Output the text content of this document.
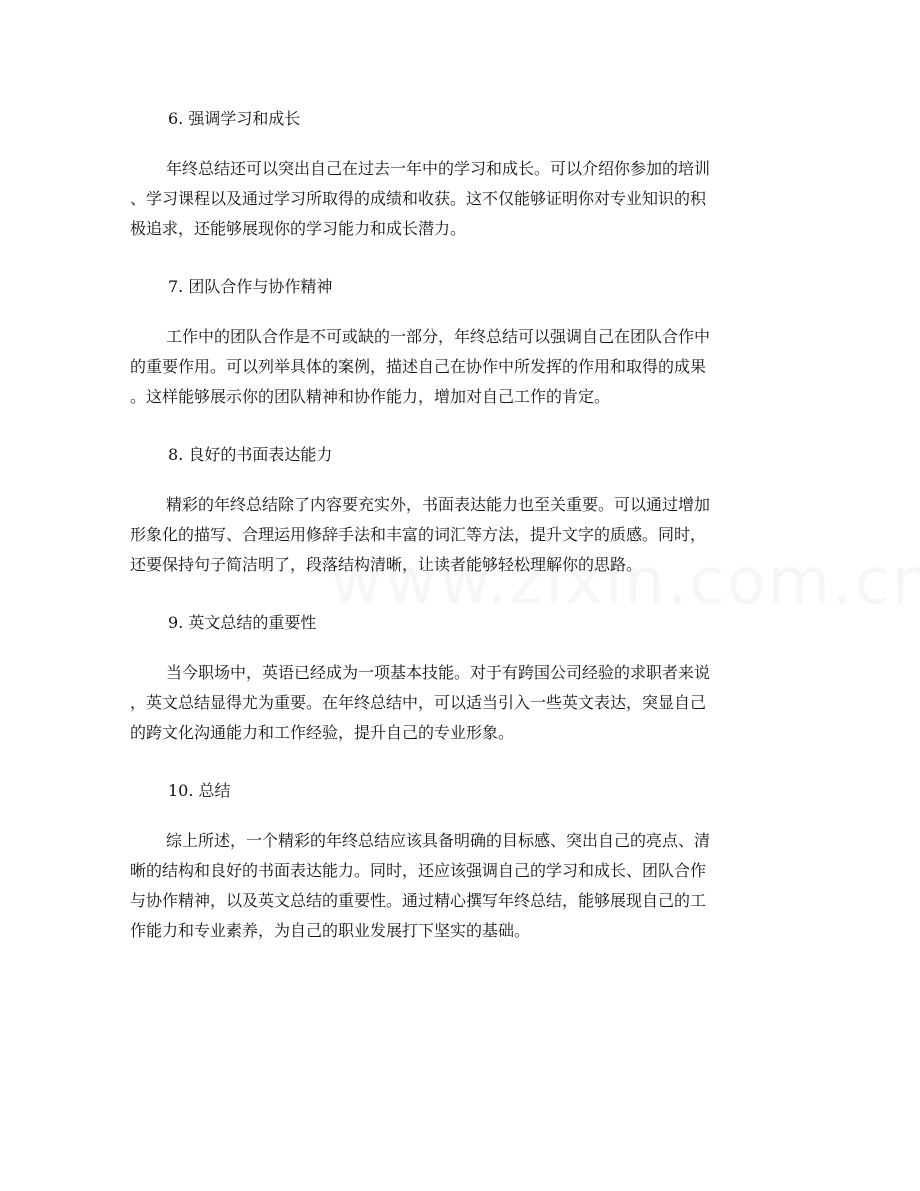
6. 强调学习和成长
年终总结还可以突出自己在过去一年中的学习和成长。可以介绍你参加的培训
、学习课程以及通过学习所取得的成绩和收获。这不仅能够证明你对专业知识的积
极追求，还能够展现你的学习能力和成长潜力。
7. 团队合作与协作精神
工作中的团队合作是不可或缺的一部分，年终总结可以强调自己在团队合作中
的重要作用。可以列举具体的案例，描述自己在协作中所发挥的作用和取得的成果
。这样能够展示你的团队精神和协作能力，增加对自己工作的肯定。
8. 良好的书面表达能力
精彩的年终总结除了内容要充实外，书面表达能力也至关重要。可以通过增加
形象化的描写、合理运用修辞手法和丰富的词汇等方法，提升文字的质感。同时，
还要保持句子简洁明了，段落结构清晰，让读者能够轻松理解你的思路。
9. 英文总结的重要性
当今职场中，英语已经成为一项基本技能。对于有跨国公司经验的求职者来说
，英文总结显得尤为重要。在年终总结中，可以适当引入一些英文表达，突显自己
的跨文化沟通能力和工作经验，提升自己的专业形象。
10. 总结
综上所述，一个精彩的年终总结应该具备明确的目标感、突出自己的亮点、清
晰的结构和良好的书面表达能力。同时，还应该强调自己的学习和成长、团队合作
与协作精神，以及英文总结的重要性。通过精心撰写年终总结，能够展现自己的工
作能力和专业素养，为自己的职业发展打下坚实的基础。
